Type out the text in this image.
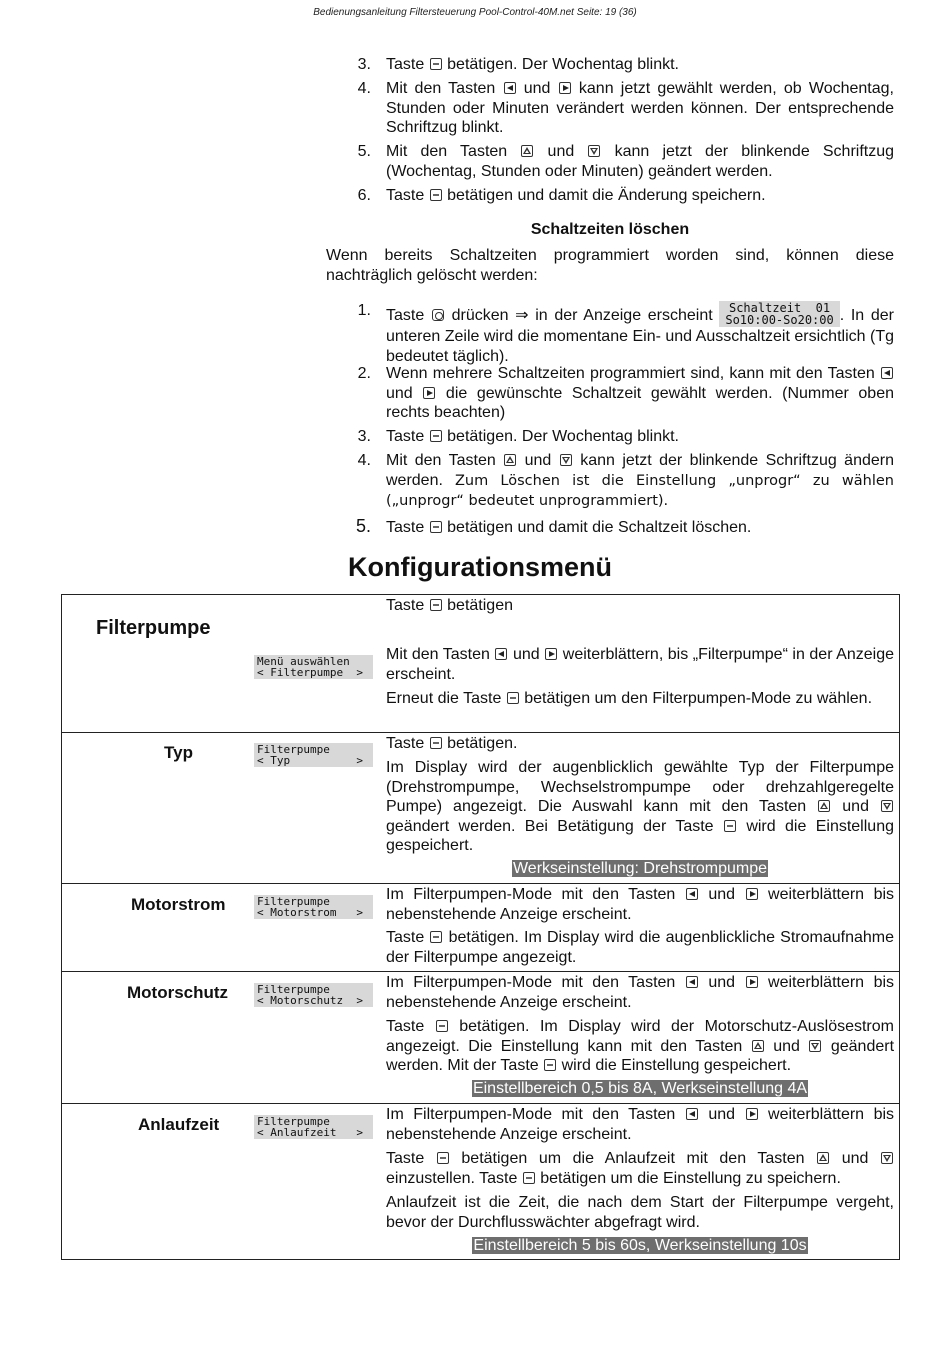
Bedienungsanleitung Filtersteuerung Pool-Control-40M.net Seite: 19 (36)
3. Taste betätigen. Der Wochentag blinkt.
4. Mit den Tasten und kann jetzt gewählt werden, ob Wochentag, Stunden oder Minuten verändert werden können. Der entsprechende Schriftzug blinkt.
5. Mit den Tasten	und	kann jetzt der blinkende Schriftzug (Wochentag, Stunden oder Minuten) geändert werden.
6. Taste betätigen und damit die Änderung speichern.
Schaltzeiten löschen
Wenn bereits Schaltzeiten programmiert worden sind, können diese nachträglich gelöscht werden:
1. Taste drücken ⇒ in der Anzeige erscheint Schaltzeit  01
So10:00-So20:00 . In der unteren Zeile wird die momentane Ein- und Ausschaltzeit ersichtlich (Tg bedeutet täglich).
2. Wenn mehrere Schaltzeiten programmiert sind, kann mit den Tasten  und die gewünschte Schaltzeit gewählt werden. (Nummer oben rechts beachten)
3. Taste betätigen. Der Wochentag blinkt.
4. Mit den Tasten und kann jetzt der blinkende Schriftzug ändern werden. Zum Löschen ist die Einstellung „unprogr“ zu wählen („unprogr“ bedeutet unprogrammiert).
5. Taste betätigen und damit die Schaltzeit löschen.
Konfigurationsmenü
Filterpumpe
Menü auswählen
< Filterpumpe  >
Taste betätigen
Mit den Tasten und weiterblättern, bis „Filterpumpe“ in der Anzeige erscheint.
Erneut die Taste betätigen um den Filterpumpen-Mode zu wählen.
Typ	Filterpumpe
< Typ          >
Taste betätigen.
Im Display wird der augenblicklich gewählte Typ der Filterpumpe (Drehstrompumpe, Wechselstrompumpe oder drehzahlgeregelte Pumpe) angezeigt. Die Auswahl kann mit den Tasten und  geändert werden. Bei Betätigung der Taste wird die Einstellung gespeichert.
Werkseinstellung: Drehstrompumpe
Motorstrom	Filterpumpe
< Motorstrom   >
Im Filterpumpen-Mode mit den Tasten und weiterblättern bis nebenstehende Anzeige erscheint.
Taste betätigen. Im Display wird die augenblickliche Stromaufnahme der Filterpumpe angezeigt.
Motorschutz	Filterpumpe
< Motorschutz  >
Im Filterpumpen-Mode mit den Tasten und weiterblättern bis nebenstehende Anzeige erscheint.
Taste betätigen. Im Display wird der Motorschutz-Auslösestrom angezeigt. Die Einstellung kann mit den Tasten und geändert werden. Mit der Taste wird die Einstellung gespeichert.
Einstellbereich 0,5 bis 8A, Werkseinstellung 4A
Anlaufzeit	Filterpumpe
< Anlaufzeit   >
Im Filterpumpen-Mode mit den Tasten und weiterblättern bis nebenstehende Anzeige erscheint.
Taste betätigen um die Anlaufzeit mit den Tasten und  einzustellen. Taste betätigen um die Einstellung zu speichern.
Anlaufzeit ist die Zeit, die nach dem Start der Filterpumpe vergeht, bevor der Durchflusswächter abgefragt wird.
Einstellbereich 5 bis 60s, Werkseinstellung 10s
